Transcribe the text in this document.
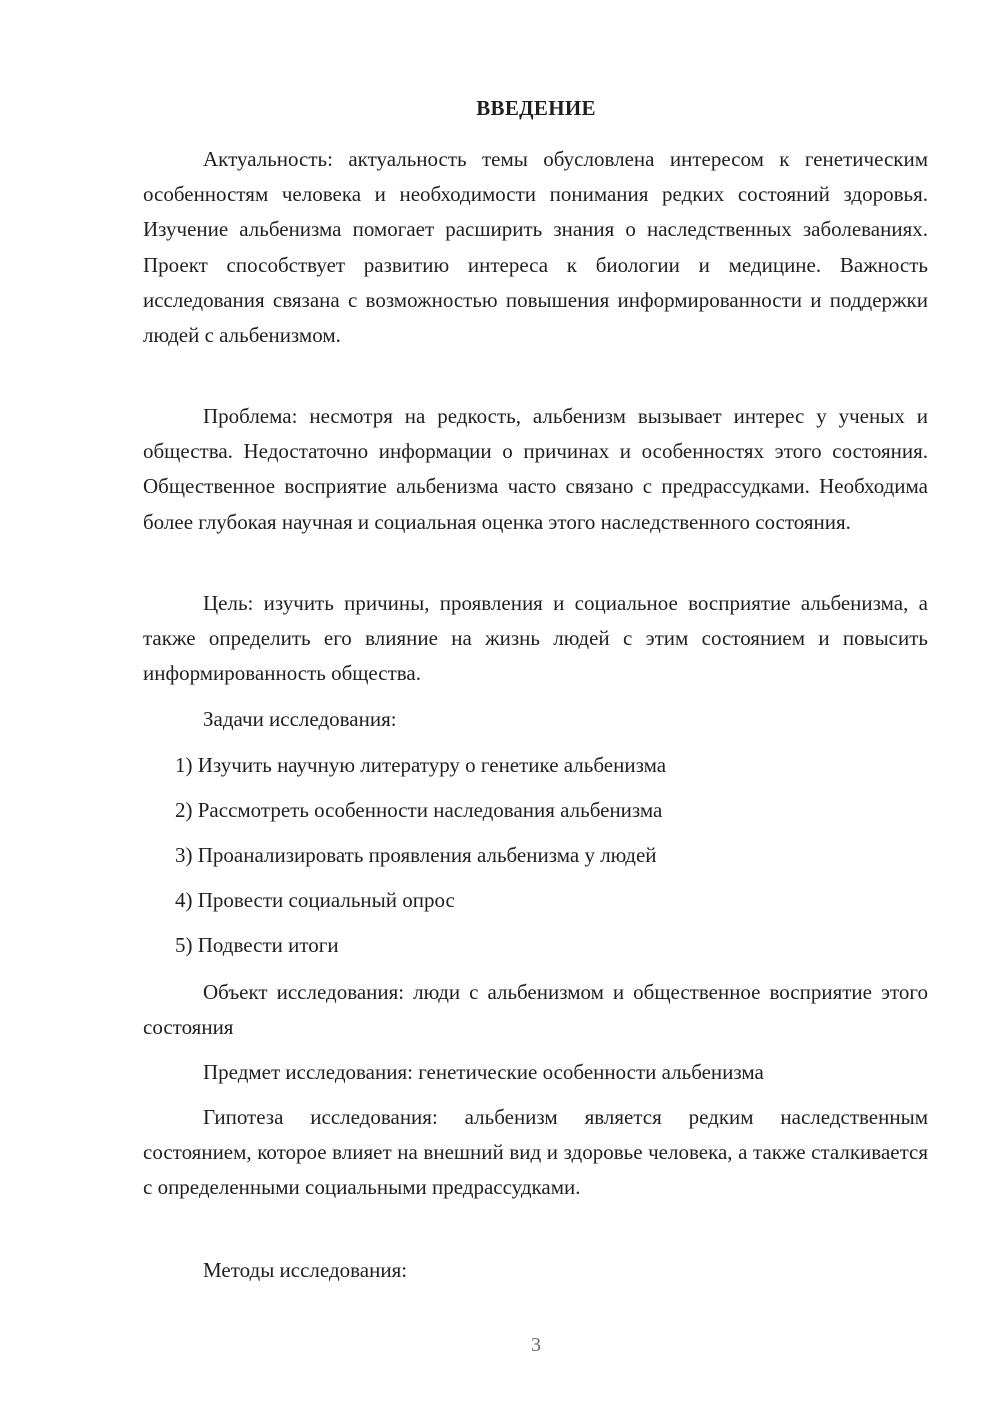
ВВЕДЕНИЕ

Актуальность: актуальность темы обусловлена интересом к генетическим особенностям человека и необходимости понимания редких состояний здоровья. Изучение альбенизма помогает расширить знания о наследственных заболеваниях. Проект способствует развитию интереса к биологии и медицине. Важность исследования связана с возможностью повышения информированности и поддержки людей с альбенизмом.

Проблема: несмотря на редкость, альбенизм вызывает интерес у ученых и общества. Недостаточно информации о причинах и особенностях этого состояния. Общественное восприятие альбенизма часто связано с предрассудками. Необходима более глубокая научная и социальная оценка этого наследственного состояния.

Цель: изучить причины, проявления и социальное восприятие альбенизма, а также определить его влияние на жизнь людей с этим состоянием и повысить информированность общества.

Задачи исследования:

1) Изучить научную литературу о генетике альбенизма

2) Рассмотреть особенности наследования альбенизма

3) Проанализировать проявления альбенизма у людей

4) Провести социальный опрос

5) Подвести итоги

Объект исследования: люди с альбенизмом и общественное восприятие этого состояния

Предмет исследования: генетические особенности альбенизма

Гипотеза исследования: альбенизм является редким наследственным состоянием, которое влияет на внешний вид и здоровье человека, а также сталкивается с определенными социальными предрассудками.

Методы исследования:

3
